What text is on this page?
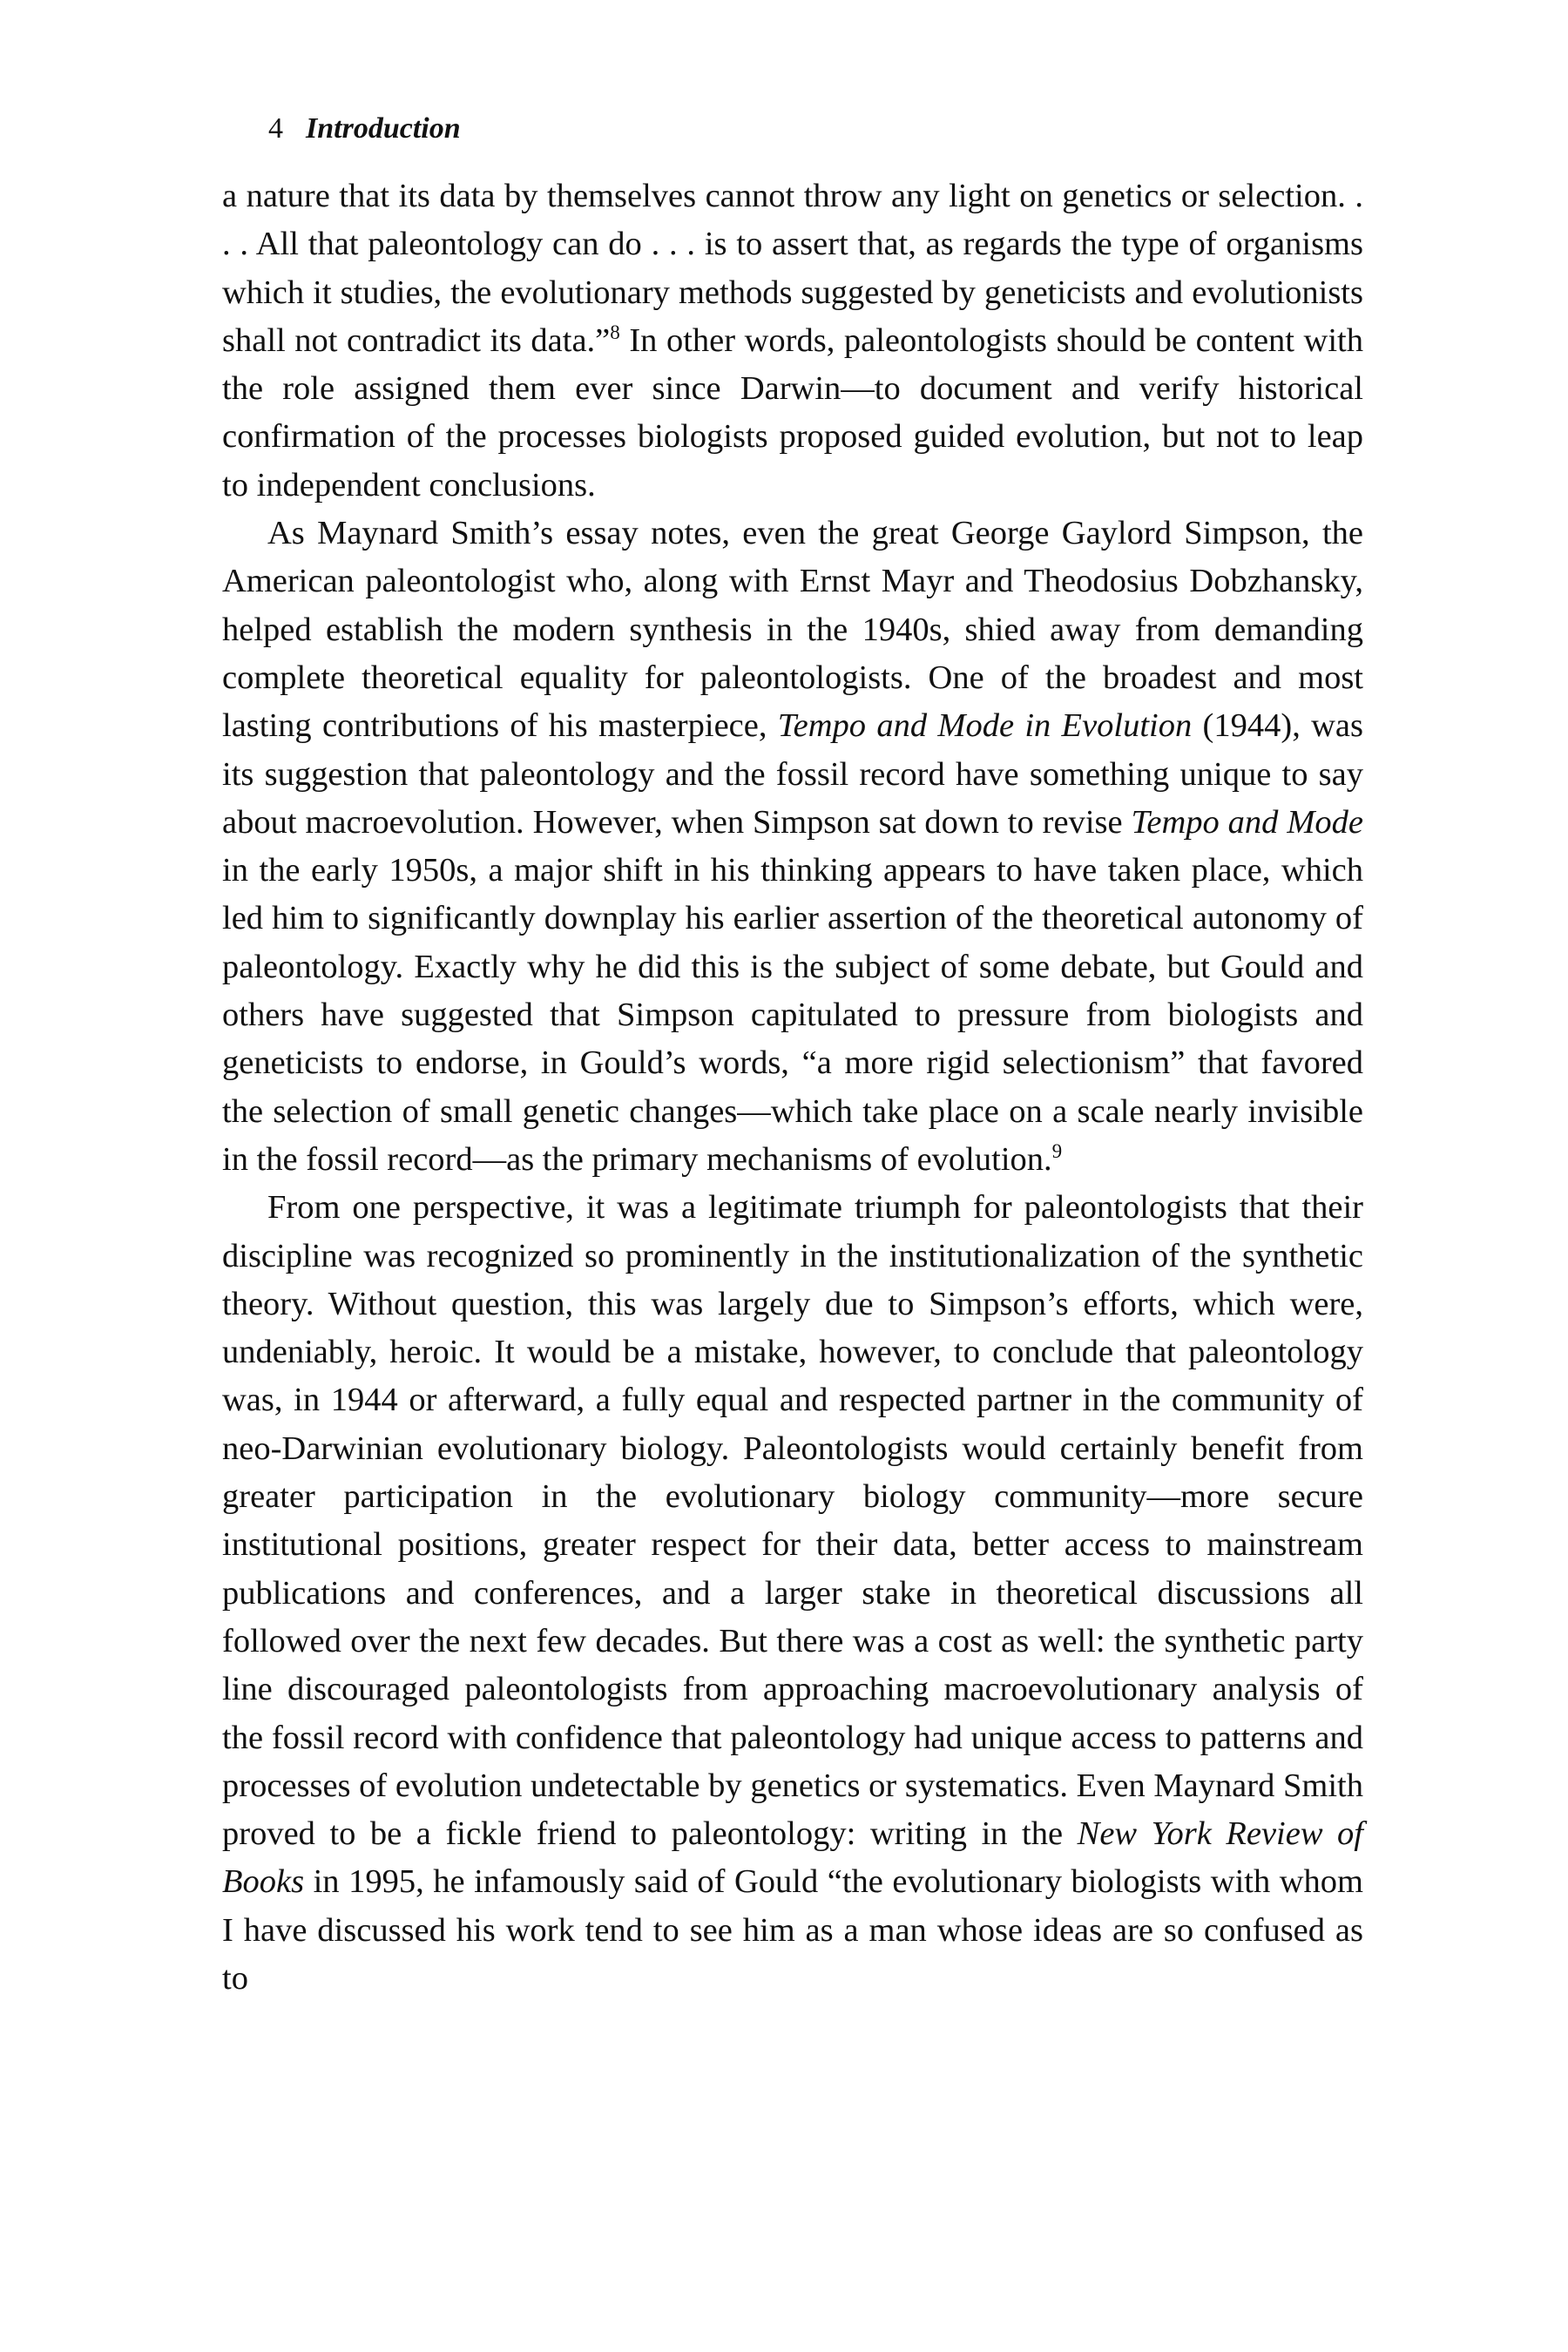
4 Introduction

a nature that its data by themselves cannot throw any light on genetics or selection. . . . All that paleontology can do . . . is to assert that, as regards the type of organisms which it studies, the evolutionary methods suggested by geneticists and evolutionists shall not contradict its data.”$^8$ In other words, paleontologists should be content with the role assigned them ever since Darwin—to document and verify historical confirmation of the processes biologists proposed guided evolution, but not to leap to independent conclusions.

As Maynard Smith’s essay notes, even the great George Gaylord Simpson, the American paleontologist who, along with Ernst Mayr and Theodosius Dobzhansky, helped establish the modern synthesis in the 1940s, shied away from demanding complete theoretical equality for paleontologists. One of the broadest and most lasting contributions of his masterpiece, Tempo and Mode in Evolution (1944), was its suggestion that paleontology and the fossil record have something unique to say about macroevolution. However, when Simpson sat down to revise Tempo and Mode in the early 1950s, a major shift in his thinking appears to have taken place, which led him to significantly downplay his earlier assertion of the theoretical autonomy of paleontology. Exactly why he did this is the subject of some debate, but Gould and others have suggested that Simpson capitulated to pressure from biologists and geneticists to endorse, in Gould’s words, “a more rigid selectionism” that favored the selection of small genetic changes—which take place on a scale nearly invisible in the fossil record—as the primary mechanisms of evolution.$^9$

From one perspective, it was a legitimate triumph for paleontologists that their discipline was recognized so prominently in the institutionalization of the synthetic theory. Without question, this was largely due to Simpson’s efforts, which were, undeniably, heroic. It would be a mistake, however, to conclude that paleontology was, in 1944 or afterward, a fully equal and respected partner in the community of neo-Darwinian evolutionary biology. Paleontologists would certainly benefit from greater participation in the evolutionary biology community—more secure institutional positions, greater respect for their data, better access to mainstream publications and conferences, and a larger stake in theoretical discussions all followed over the next few decades. But there was a cost as well: the synthetic party line discouraged paleontologists from approaching macroevolutionary analysis of the fossil record with confidence that paleontology had unique access to patterns and processes of evolution undetectable by genetics or systematics. Even Maynard Smith proved to be a fickle friend to paleontology: writing in the New York Review of Books in 1995, he infamously said of Gould “the evolutionary biologists with whom I have discussed his work tend to see him as a man whose ideas are so confused as to
